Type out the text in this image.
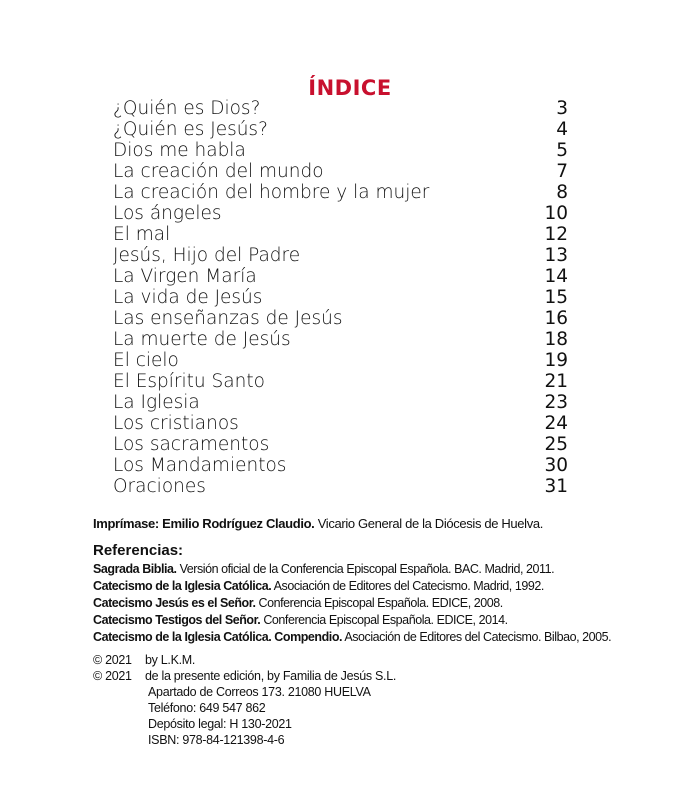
ÍNDICE
¿Quién es Dios?	3
¿Quién es Jesús?	4
Dios me habla	5
La creación del mundo	7
La creación del hombre y la mujer	8
Los ángeles	10
El mal	12
Jesús, Hijo del Padre	13
La Virgen María	14
La vida de Jesús	15
Las enseñanzas de Jesús	16
La muerte de Jesús	18
El cielo	19
El Espíritu Santo	21
La Iglesia	23
Los cristianos	24
Los sacramentos	25
Los Mandamientos	30
Oraciones	31
Imprímase: Emilio Rodríguez Claudio. Vicario General de la Diócesis de Huelva.
Referencias:
Sagrada Biblia. Versión oficial de la Conferencia Episcopal Española. BAC. Madrid, 2011.
Catecismo de la Iglesia Católica. Asociación de Editores del Catecismo. Madrid, 1992.
Catecismo Jesús es el Señor. Conferencia Episcopal Española. EDICE, 2008.
Catecismo Testigos del Señor. Conferencia Episcopal Española. EDICE, 2014.
Catecismo de la Iglesia Católica. Compendio. Asociación de Editores del Catecismo. Bilbao, 2005.
© 2021 by L.K.M.
© 2021 de la presente edición, by Familia de Jesús S.L.
Apartado de Correos 173. 21080 HUELVA
Teléfono: 649 547 862
Depósito legal: H 130-2021
ISBN: 978-84-121398-4-6
